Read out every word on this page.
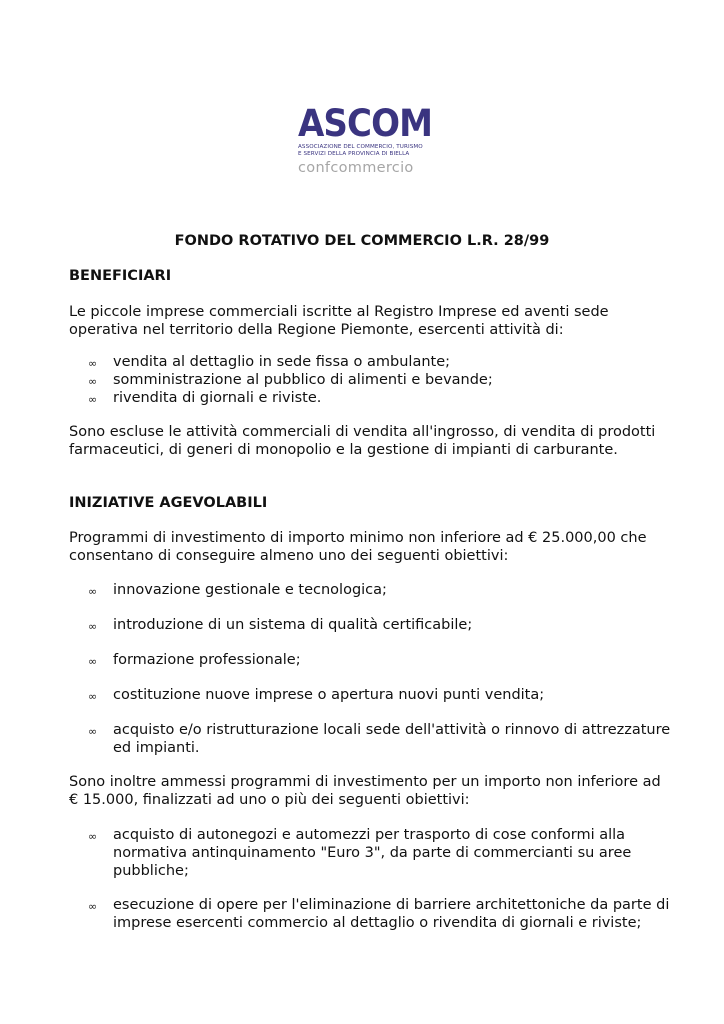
ASCOM
ASSOCIAZIONE DEL COMMERCIO, TURISMO
E SERVIZI DELLA PROVINCIA DI BIELLA
confcommercio

FONDO ROTATIVO DEL COMMERCIO L.R. 28/99

BENEFICIARI

Le piccole imprese commerciali iscritte al Registro Imprese ed aventi sede operativa nel territorio della Regione Piemonte, esercenti attività di:

∞ vendita al dettaglio in sede fissa o ambulante;
∞ somministrazione al pubblico di alimenti e bevande;
∞ rivendita di giornali e riviste.

Sono escluse le attività commerciali di vendita all'ingrosso, di vendita di prodotti farmaceutici, di generi di monopolio e la gestione di impianti di carburante.

INIZIATIVE AGEVOLABILI

Programmi di investimento di importo minimo non inferiore ad € 25.000,00 che consentano di conseguire almeno uno dei seguenti obiettivi:

∞ innovazione gestionale e tecnologica;
∞ introduzione di un sistema di qualità certificabile;
∞ formazione professionale;
∞ costituzione nuove imprese o apertura nuovi punti vendita;
∞ acquisto e/o ristrutturazione locali sede dell'attività o rinnovo di attrezzature ed impianti.

Sono inoltre ammessi programmi di investimento per un importo non inferiore ad € 15.000, finalizzati ad uno o più dei seguenti obiettivi:

∞ acquisto di autonegozi e automezzi per trasporto di cose conformi alla normativa antinquinamento "Euro 3", da parte di commercianti su aree pubbliche;
∞ esecuzione di opere per l'eliminazione di barriere architettoniche da parte di imprese esercenti commercio al dettaglio o rivendita di giornali e riviste;
